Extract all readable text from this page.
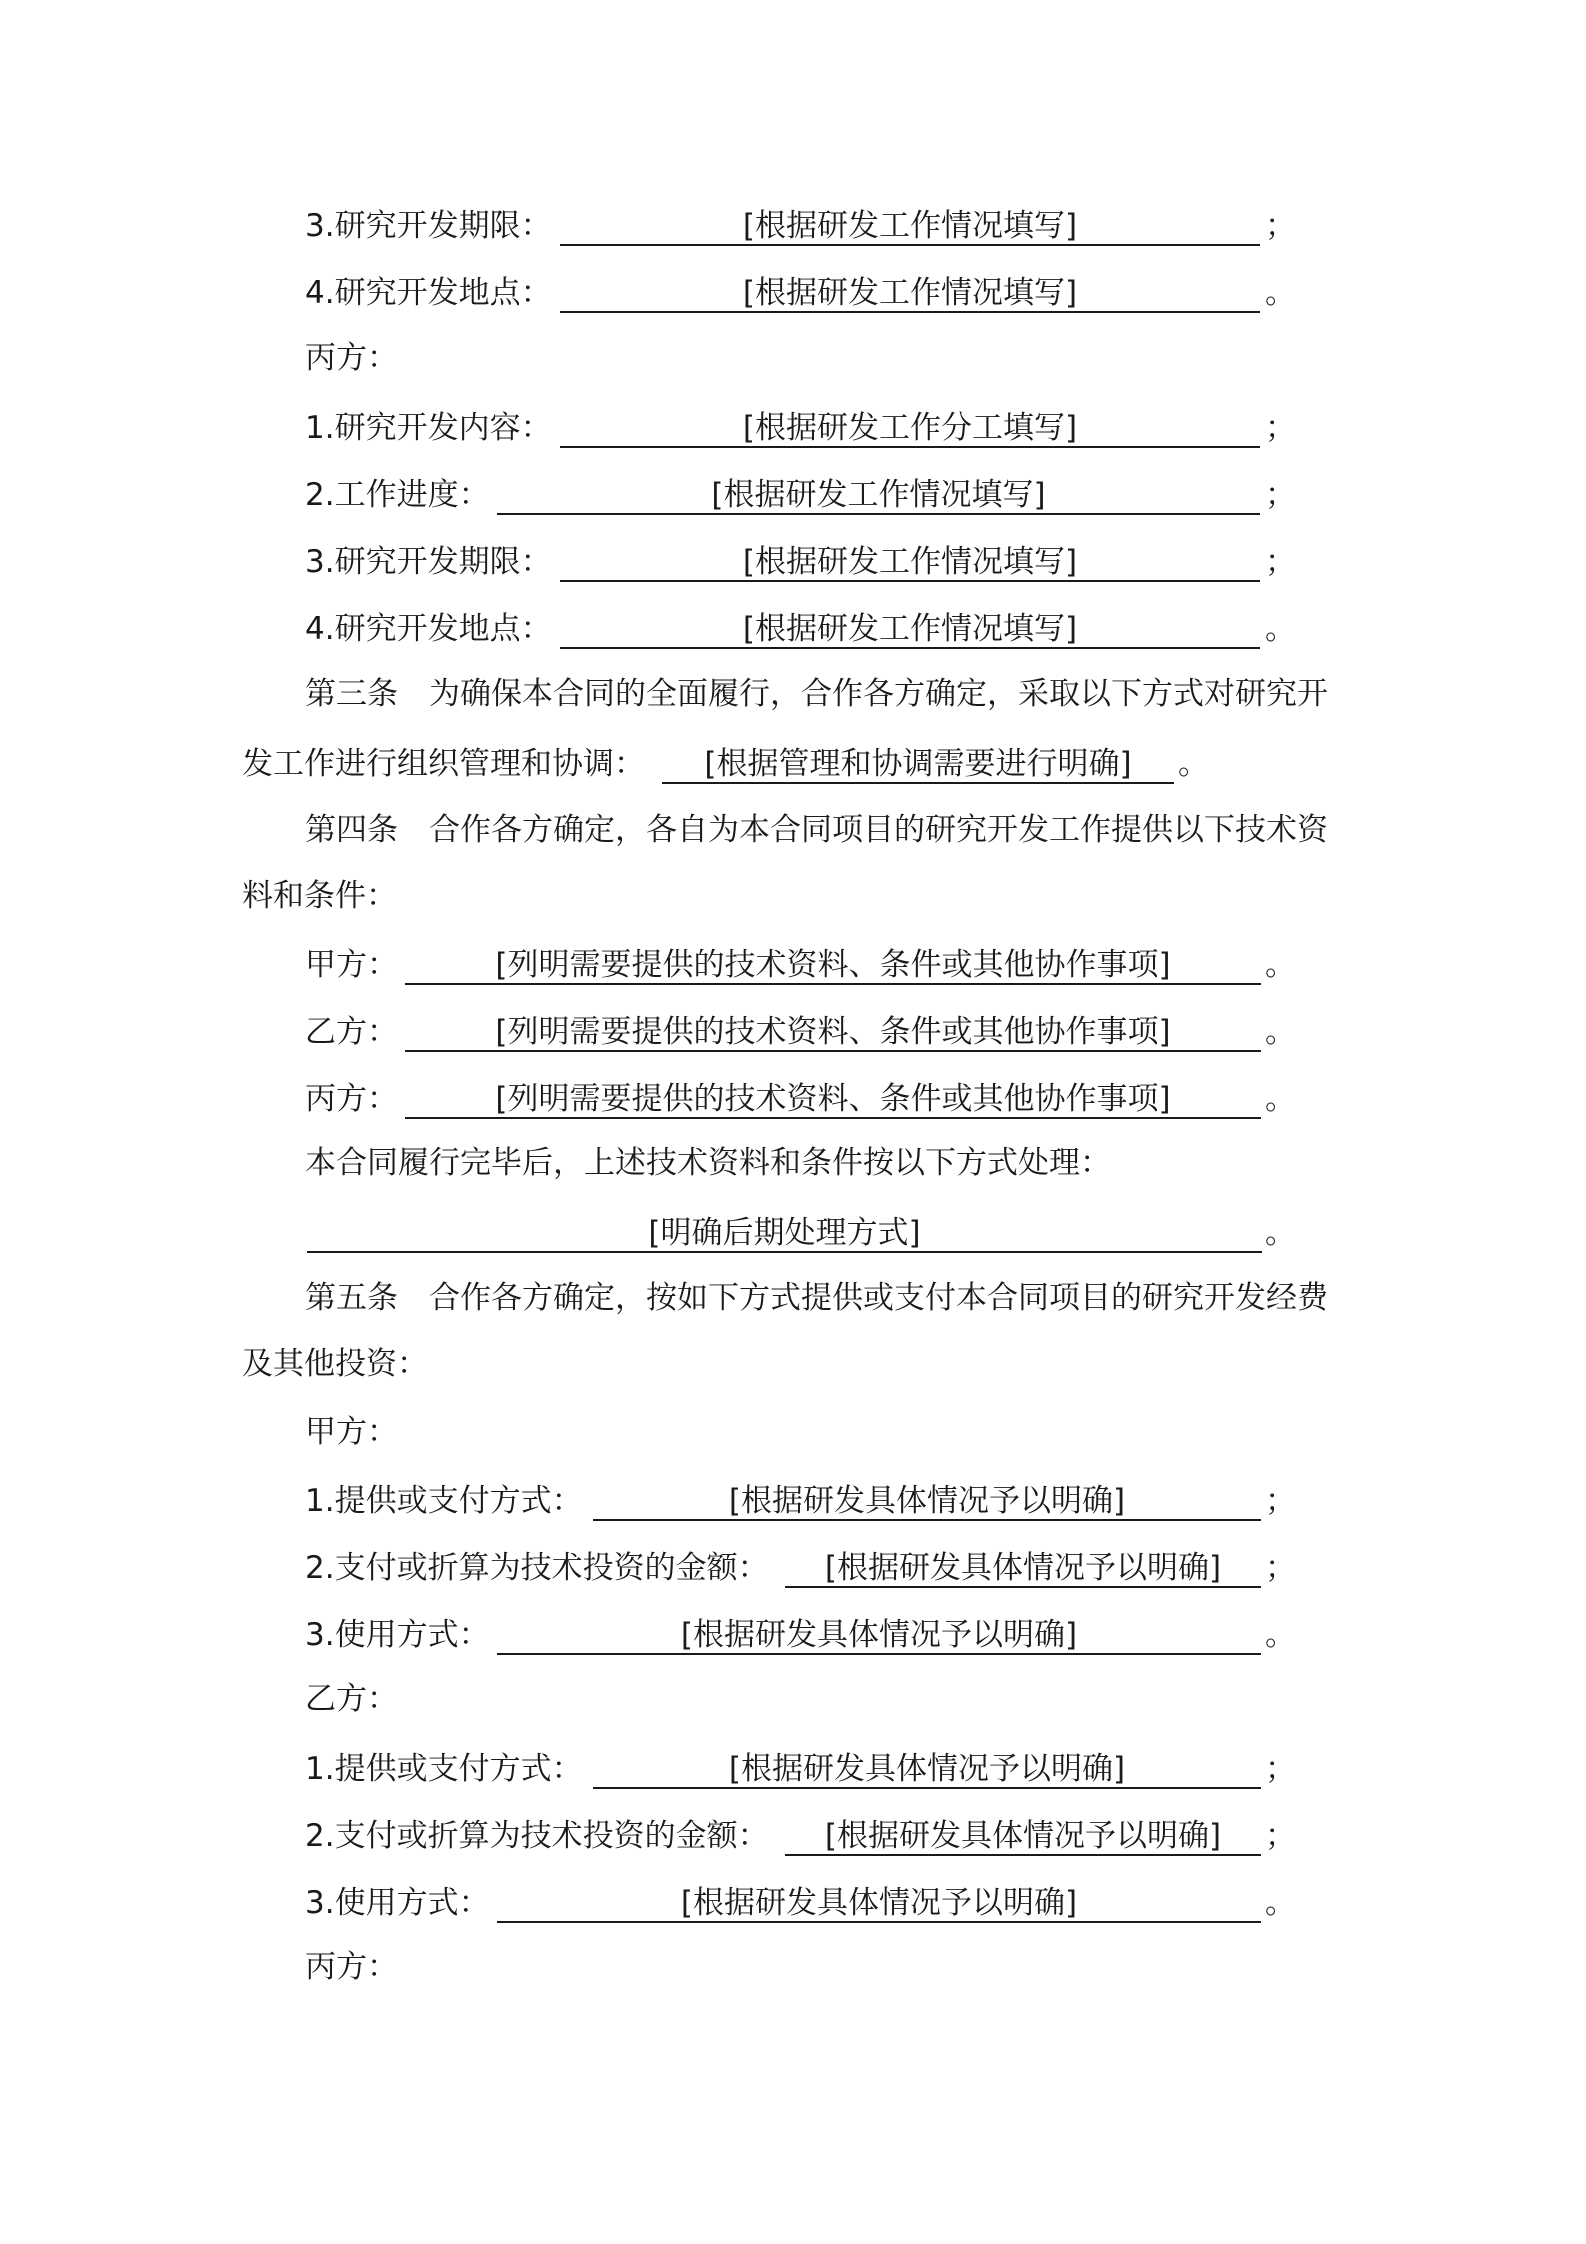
3.研究开发期限：	[根据研发工作情况填写]	；
4.研究开发地点：	[根据研发工作情况填写]	。
丙方：
1.研究开发内容：	[根据研发工作分工填写]	；
2.工作进度：	[根据研发工作情况填写]	；
3.研究开发期限：	[根据研发工作情况填写]	；
4.研究开发地点：	[根据研发工作情况填写]	。
第三条　为确保本合同的全面履行，合作各方确定，采取以下方式对研究开
发工作进行组织管理和协调：	[根据管理和协调需要进行明确]	。
第四条　合作各方确定，各自为本合同项目的研究开发工作提供以下技术资
料和条件：
甲方：	[列明需要提供的技术资料、条件或其他协作事项]	。
乙方：	[列明需要提供的技术资料、条件或其他协作事项]	。
丙方：	[列明需要提供的技术资料、条件或其他协作事项]	。
本合同履行完毕后，上述技术资料和条件按以下方式处理：
[明确后期处理方式]	。
第五条　合作各方确定，按如下方式提供或支付本合同项目的研究开发经费
及其他投资：
甲方：
1.提供或支付方式：	[根据研发具体情况予以明确]	；
2.支付或折算为技术投资的金额：	[根据研发具体情况予以明确]	；
3.使用方式：	[根据研发具体情况予以明确]	。
乙方：
1.提供或支付方式：	[根据研发具体情况予以明确]	；
2.支付或折算为技术投资的金额：	[根据研发具体情况予以明确]	；
3.使用方式：	[根据研发具体情况予以明确]	。
丙方：
